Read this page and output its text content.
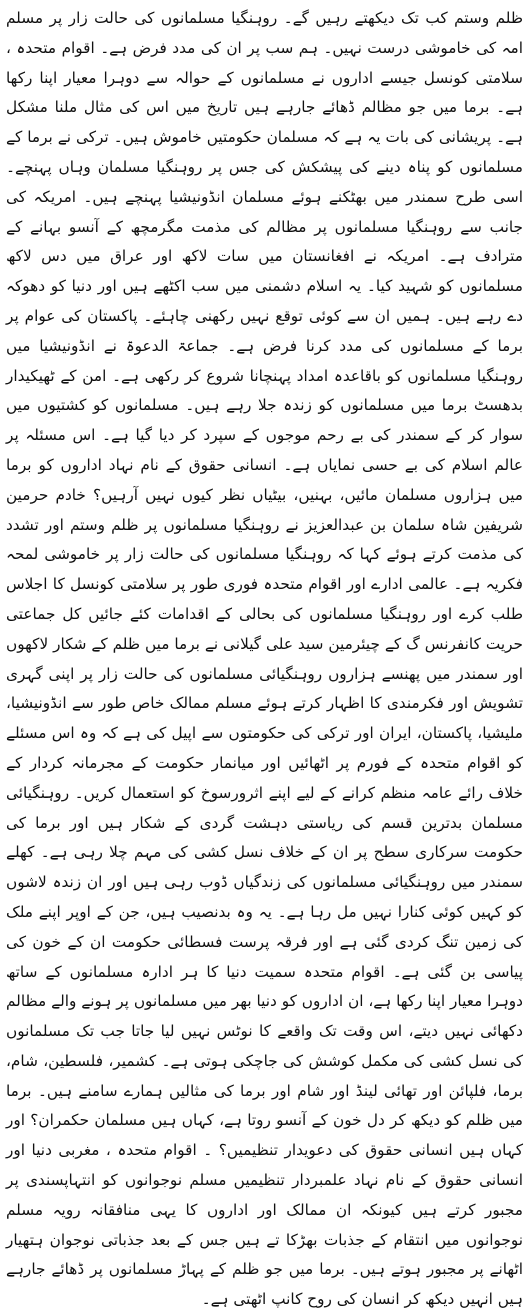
ظلم وستم کب تک دیکھتے رہیں گے۔ روہنگیا مسلمانوں کی حالت زار پر مسلم امہ کی خاموشی درست نہیں۔ ہم سب پر ان کی مدد فرض ہے۔ اقوام متحدہ ، سلامتی کونسل جیسے اداروں نے مسلمانوں کے حوالہ سے دوہرا معیار اپنا رکھا ہے۔ برما میں جو مظالم ڈھائے جارہے ہیں تاریخ میں اس کی مثال ملنا مشکل ہے۔ پریشانی کی بات یہ ہے کہ مسلمان حکومتیں خاموش ہیں۔ ترکی نے برما کے مسلمانوں کو پناہ دینے کی پیشکش کی جس پر روہنگیا مسلمان وہاں پہنچے۔ اسی طرح سمندر میں بھٹکنے ہوئے مسلمان انڈونیشیا پہنچے ہیں۔ امریکہ کی جانب سے روہنگیا مسلمانوں پر مظالم کی مذمت مگرمچھ کے آنسو بہانے کے مترادف ہے۔ امریکہ نے افغانستان میں سات لاکھ اور عراق میں دس لاکھ مسلمانوں کو شہید کیا۔ یہ اسلام دشمنی میں سب اکٹھے ہیں اور دنیا کو دھوکہ دے رہے ہیں۔ ہمیں ان سے کوئی توقع نہیں رکھنی چاہئے۔ پاکستان کی عوام پر برما کے مسلمانوں کی مدد کرنا فرض ہے۔ جماعۃ الدعوۃ نے انڈونیشیا میں روہنگیا مسلمانوں کو باقاعدہ امداد پہنچانا شروع کر رکھی ہے۔ امن کے ٹھیکیدار بدھسٹ برما میں مسلمانوں کو زندہ جلا رہے ہیں۔ مسلمانوں کو کشتیوں میں سوار کر کے سمندر کی بے رحم موجوں کے سپرد کر دیا گیا ہے۔ اس مسئلہ پر عالم اسلام کی بے حسی نمایاں ہے۔ انسانی حقوق کے نام نہاد اداروں کو برما میں ہزاروں مسلمان مائیں، بہنیں، بیٹیاں نظر کیوں نہیں آرہیں؟ خادم حرمین شریفین شاہ سلمان بن عبدالعزیز نے روہنگیا مسلمانوں پر ظلم وستم اور تشدد کی مذمت کرتے ہوئے کہا کہ روہنگیا مسلمانوں کی حالت زار پر خاموشی لمحہ فکریہ ہے۔ عالمی ادارے اور اقوام متحدہ فوری طور پر سلامتی کونسل کا اجلاس طلب کرے اور روہنگیا مسلمانوں کی بحالی کے اقدامات کئے جائیں کل جماعتی حریت کانفرنس گ کے چیئرمین سید علی گیلانی نے برما میں ظلم کے شکار لاکھوں اور سمندر میں پھنسے ہزاروں روہنگیائی مسلمانوں کی حالت زار پر اپنی گہری تشویش اور فکرمندی کا اظہار کرتے ہوئے مسلم ممالک خاص طور سے انڈونیشیا، ملیشیا، پاکستان، ایران اور ترکی کی حکومتوں سے اپیل کی ہے کہ وہ اس مسئلے کو اقوام متحدہ کے فورم پر اٹھائیں اور میانمار حکومت کے مجرمانہ کردار کے خلاف رائے عامہ منظم کرانے کے لیے اپنے اثرورسوخ کو استعمال کریں۔ روہنگیائی مسلمان بدترین قسم کی ریاستی دہشت گردی کے شکار ہیں اور برما کی حکومت سرکاری سطح پر ان کے خلاف نسل کشی کی مہم چلا رہی ہے۔ کھلے سمندر میں روہنگیائی مسلمانوں کی زندگیاں ڈوب رہی ہیں اور ان زندہ لاشوں کو کہیں کوئی کنارا نہیں مل رہا ہے۔ یہ وہ بدنصیب ہیں، جن کے اوپر اپنے ملک کی زمین تنگ کردی گئی ہے اور فرقہ پرست فسطائی حکومت ان کے خون کی پیاسی بن گئی ہے۔ اقوام متحدہ سمیت دنیا کا ہر ادارہ مسلمانوں کے ساتھ دوہرا معیار اپنا رکھا ہے، ان اداروں کو دنیا بھر میں مسلمانوں پر ہونے والے مظالم دکھائی نہیں دیتے، اس وقت تک واقعے کا نوٹس نہیں لیا جاتا جب تک مسلمانوں کی نسل کشی کی مکمل کوشش کی جاچکی ہوتی ہے۔ کشمیر، فلسطین، شام، برما، فلپائن اور تھائی لینڈ اور شام اور برما کی مثالیں ہمارے سامنے ہیں۔ برما میں ظلم کو دیکھ کر دل خون کے آنسو روتا ہے، کہاں ہیں مسلمان حکمران؟ اور کہاں ہیں انسانی حقوق کی دعویدار تنظیمیں؟ ۔ اقوام متحدہ ، مغربی دنیا اور انسانی حقوق کے نام نہاد علمبردار تنظیمیں مسلم نوجوانوں کو انتہاپسندی پر مجبور کرتے ہیں کیونکہ ان ممالک اور اداروں کا یہی منافقانہ رویہ مسلم نوجوانوں میں انتقام کے جذبات بھڑکا تے ہیں جس کے بعد جذباتی نوجوان ہتھیار اٹھانے پر مجبور ہوتے ہیں۔ برما میں جو ظلم کے پہاڑ مسلمانوں پر ڈھائے جارہے ہیں انہیں دیکھ کر انسان کی روح کانپ اٹھتی ہے۔
